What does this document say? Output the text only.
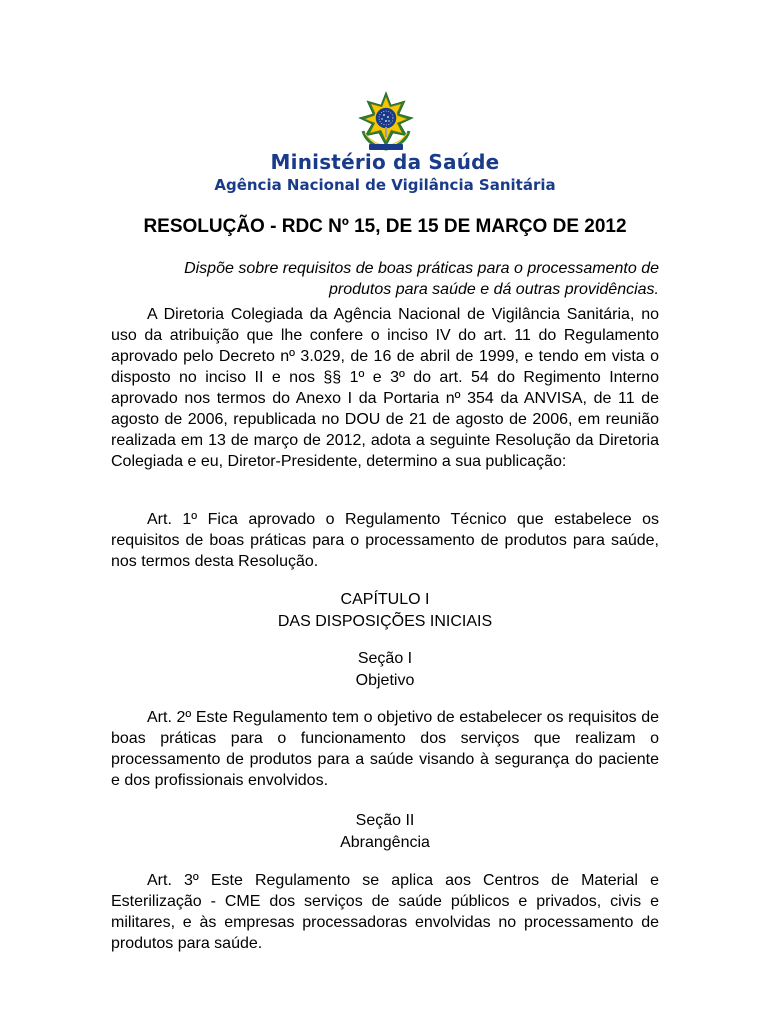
Ministério da Saúde
Agência Nacional de Vigilância Sanitária
RESOLUÇÃO - RDC Nº 15, DE 15 DE MARÇO DE 2012
Dispõe sobre requisitos de boas práticas para o processamento de
produtos para saúde e dá outras providências.

A Diretoria Colegiada da Agência Nacional de Vigilância Sanitária, no uso da atribuição que lhe confere o inciso IV do art. 11 do Regulamento aprovado pelo Decreto nº 3.029, de 16 de abril de 1999, e tendo em vista o disposto no inciso II e nos §§ 1º e 3º do art. 54 do Regimento Interno aprovado nos termos do Anexo I da Portaria nº 354 da ANVISA, de 11 de agosto de 2006, republicada no DOU de 21 de agosto de 2006, em reunião realizada em 13 de março de 2012, adota a seguinte Resolução da Diretoria Colegiada e eu, Diretor-Presidente, determino a sua publicação:

Art. 1º Fica aprovado o Regulamento Técnico que estabelece os requisitos de boas práticas para o processamento de produtos para saúde, nos termos desta Resolução.

CAPÍTULO I
DAS DISPOSIÇÕES INICIAIS
Seção I
Objetivo

Art. 2º Este Regulamento tem o objetivo de estabelecer os requisitos de boas práticas para o funcionamento dos serviços que realizam o processamento de produtos para a saúde visando à segurança do paciente e dos profissionais envolvidos.

Seção II
Abrangência

Art. 3º Este Regulamento se aplica aos Centros de Material e Esterilização - CME dos serviços de saúde públicos e privados, civis e militares, e às empresas processadoras envolvidas no processamento de produtos para saúde.
